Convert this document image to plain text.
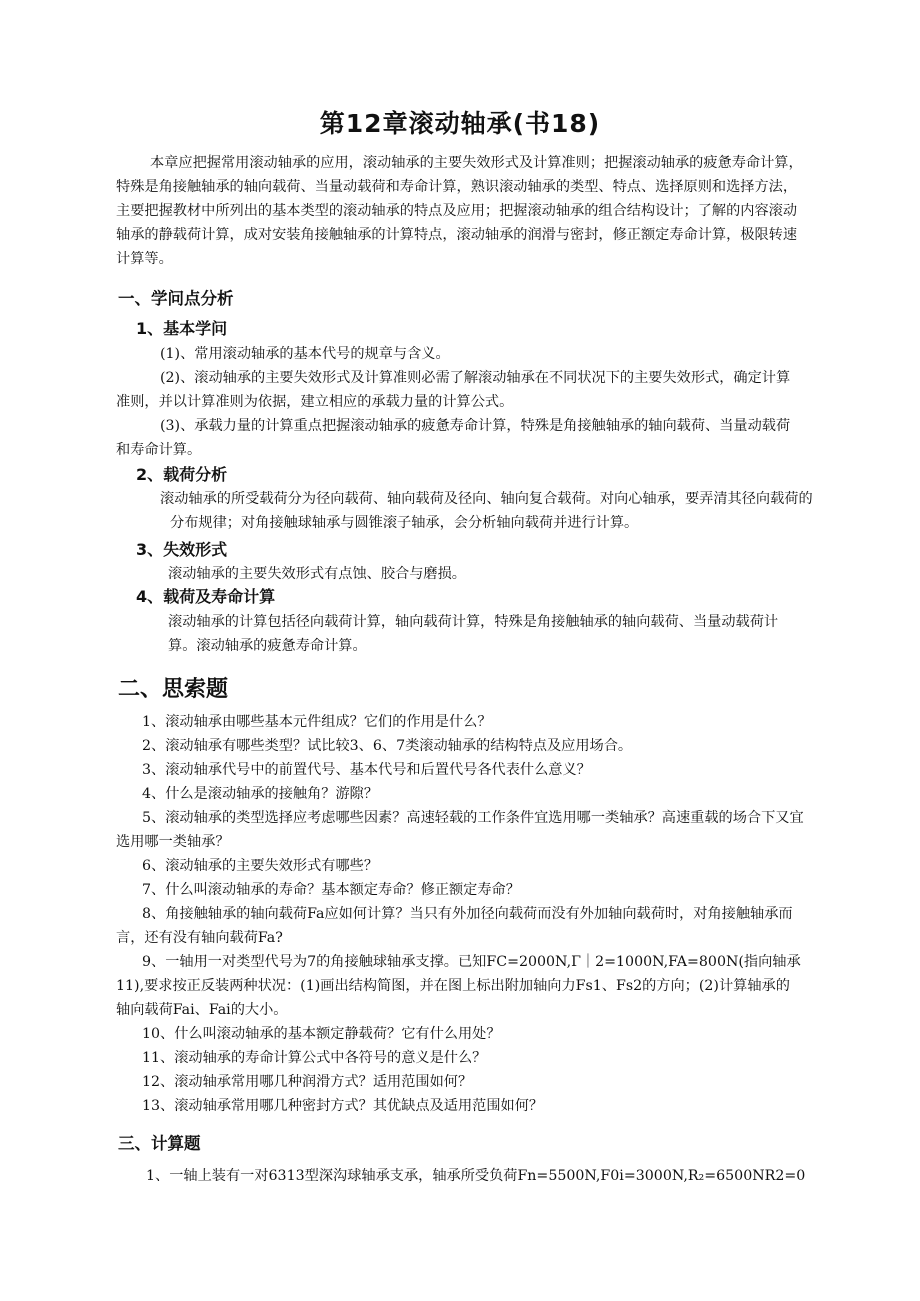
第12章滚动轴承(书18)
本章应把握常用滚动轴承的应用，滚动轴承的主要失效形式及计算准则；把握滚动轴承的疲惫寿命计算，特殊是角接触轴承的轴向载荷、当量动载荷和寿命计算，熟识滚动轴承的类型、特点、选择原则和选择方法，主要把握教材中所列出的基本类型的滚动轴承的特点及应用；把握滚动轴承的组合结构设计；了解的内容滚动轴承的静载荷计算，成对安装角接触轴承的计算特点，滚动轴承的润滑与密封，修正额定寿命计算，极限转速计算等。
一、学问点分析
1、基本学问
(1)、常用滚动轴承的基本代号的规章与含义。
(2)、滚动轴承的主要失效形式及计算准则必需了解滚动轴承在不同状况下的主要失效形式，确定计算准则，并以计算准则为依据，建立相应的承载力量的计算公式。
(3)、承载力量的计算重点把握滚动轴承的疲惫寿命计算，特殊是角接触轴承的轴向载荷、当量动载荷和寿命计算。
2、载荷分析
滚动轴承的所受载荷分为径向载荷、轴向载荷及径向、轴向复合载荷。对向心轴承，要弄清其径向载荷的分布规律；对角接触球轴承与圆锥滚子轴承，会分析轴向载荷并进行计算。
3、失效形式
滚动轴承的主要失效形式有点蚀、胶合与磨损。
4、载荷及寿命计算
滚动轴承的计算包括径向载荷计算，轴向载荷计算，特殊是角接触轴承的轴向载荷、当量动载荷计算。滚动轴承的疲惫寿命计算。
二、思索题
1、滚动轴承由哪些基本元件组成？它们的作用是什么？
2、滚动轴承有哪些类型？试比较3、6、7类滚动轴承的结构特点及应用场合。
3、滚动轴承代号中的前置代号、基本代号和后置代号各代表什么意义？
4、什么是滚动轴承的接触角？游隙？
5、滚动轴承的类型选择应考虑哪些因素？高速轻载的工作条件宜选用哪一类轴承？高速重载的场合下又宜选用哪一类轴承？
6、滚动轴承的主要失效形式有哪些？
7、什么叫滚动轴承的寿命？基本额定寿命？修正额定寿命？
8、角接触轴承的轴向载荷Fa应如何计算？当只有外加径向载荷而没有外加轴向载荷时，对角接触轴承而言，还有没有轴向载荷Fa?
9、一轴用一对类型代号为7的角接触球轴承支撑。已知FC=2000N,Γ｜2=1000N,FA=800N(指向轴承11),要求按正反装两种状况：(1)画出结构简图，并在图上标出附加轴向力Fs1、Fs2的方向；(2)计算轴承的轴向载荷Fai、Fai的大小。
10、什么叫滚动轴承的基本额定静载荷？它有什么用处？
11、滚动轴承的寿命计算公式中各符号的意义是什么？
12、滚动轴承常用哪几种润滑方式？适用范围如何？
13、滚动轴承常用哪几种密封方式？其优缺点及适用范围如何？
三、计算题
1、一轴上装有一对6313型深沟球轴承支承，轴承所受负荷Fn=5500N,F0i=3000N,R₂=6500NR2=0
